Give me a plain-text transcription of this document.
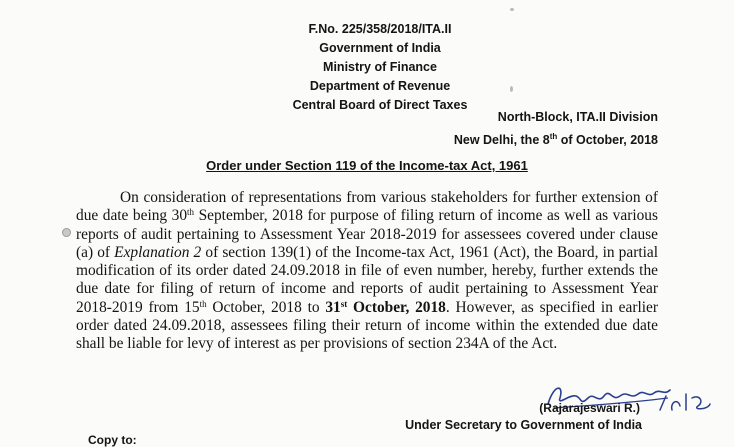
F.No. 225/358/2018/ITA.II
Government of India
Ministry of Finance
Department of Revenue
Central Board of Direct Taxes
North-Block, ITA.II Division
New Delhi, the 8th of October, 2018
Order under Section 119 of the Income-tax Act, 1961

On consideration of representations from various stakeholders for further extension of due date being 30th September, 2018 for purpose of filing return of income as well as various reports of audit pertaining to Assessment Year 2018-2019 for assessees covered under clause (a) of Explanation 2 of section 139(1) of the Income-tax Act, 1961 (Act), the Board, in partial modification of its order dated 24.09.2018 in file of even number, hereby, further extends the due date for filing of return of income and reports of audit pertaining to Assessment Year 2018-2019 from 15th October, 2018 to 31st October, 2018. However, as specified in earlier order dated 24.09.2018, assessees filing their return of income within the extended due date shall be liable for levy of interest as per provisions of section 234A of the Act.

(Rajarajeswari R.)
Under Secretary to Government of India
Copy to:
